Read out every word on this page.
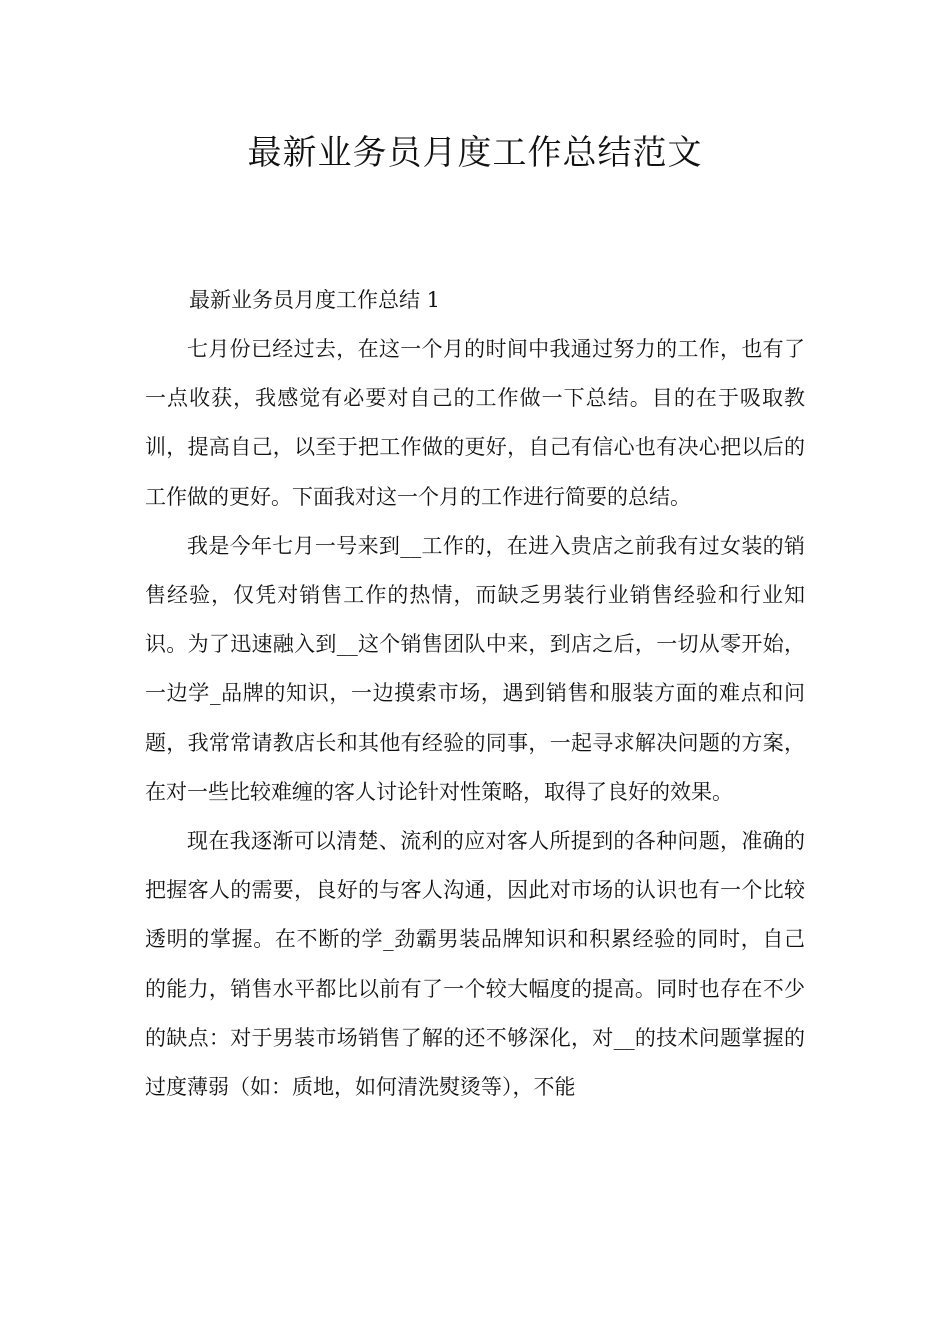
最新业务员月度工作总结范文

最新业务员月度工作总结 1

七月份已经过去，在这一个月的时间中我通过努力的工作，也有了一点收获，我感觉有必要对自己的工作做一下总结。目的在于吸取教训，提高自己，以至于把工作做的更好，自己有信心也有决心把以后的工作做的更好。下面我对这一个月的工作进行简要的总结。

我是今年七月一号来到__工作的，在进入贵店之前我有过女装的销售经验，仅凭对销售工作的热情，而缺乏男装行业销售经验和行业知识。为了迅速融入到__这个销售团队中来，到店之后，一切从零开始，一边学_品牌的知识，一边摸索市场，遇到销售和服装方面的难点和问题，我常常请教店长和其他有经验的同事，一起寻求解决问题的方案，在对一些比较难缠的客人讨论针对性策略，取得了良好的效果。

现在我逐渐可以清楚、流利的应对客人所提到的各种问题，准确的把握客人的需要，良好的与客人沟通，因此对市场的认识也有一个比较透明的掌握。在不断的学_劲霸男装品牌知识和积累经验的同时，自己的能力，销售水平都比以前有了一个较大幅度的提高。同时也存在不少的缺点：对于男装市场销售了解的还不够深化，对__的技术问题掌握的过度薄弱（如：质地，如何清洗熨烫等），不能
